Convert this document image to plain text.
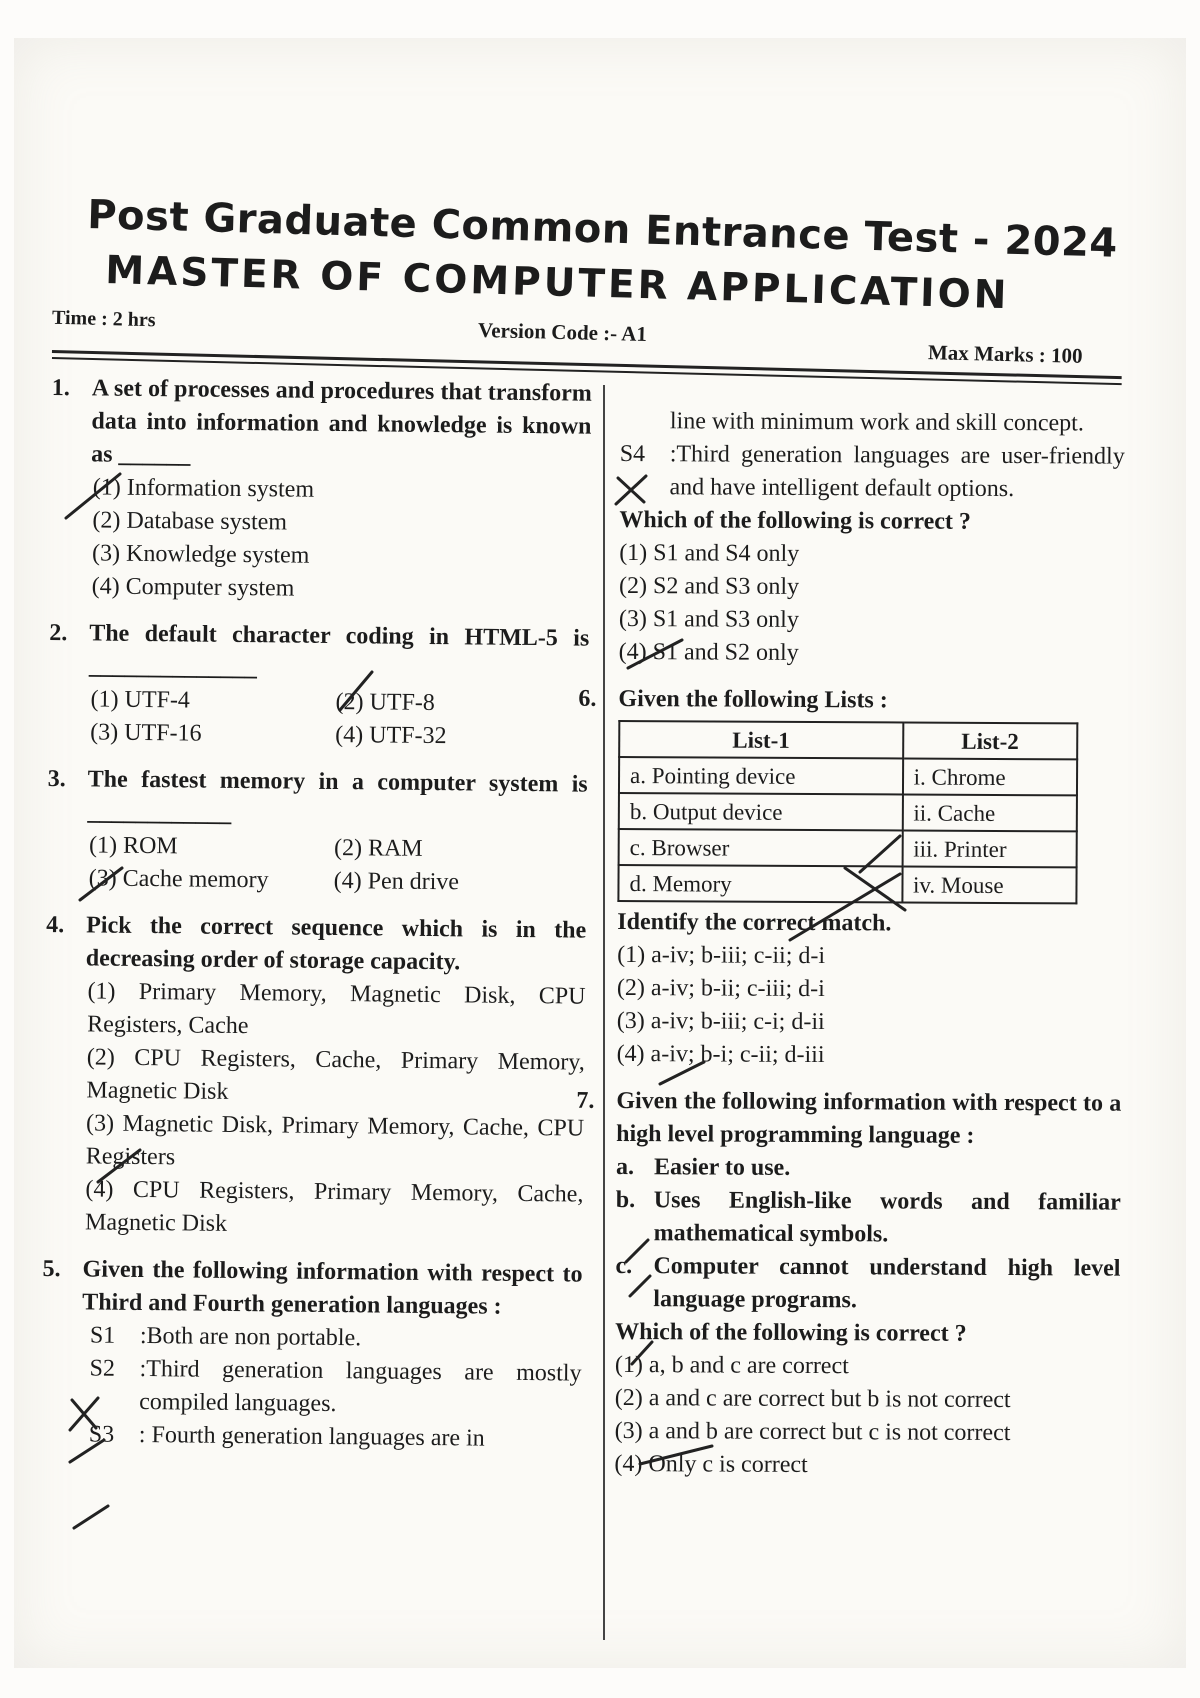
Post Graduate Common Entrance Test - 2024
MASTER OF COMPUTER APPLICATION
Time : 2 hrs	Version Code :- A1
Max Marks : 100
1. A set of processes and procedures that transform data into information and knowledge is known as ______
(1) Information system
(2) Database system
(3) Knowledge system
(4) Computer system
2. The default character coding in HTML-5 is ______________
(1) UTF-4	(2) UTF-8
(3) UTF-16	(4) UTF-32
3. The fastest memory in a computer system is ____________
(1) ROM	(2) RAM
(3) Cache memory	(4) Pen drive
4. Pick the correct sequence which is in the decreasing order of storage capacity.
(1) Primary Memory, Magnetic Disk, CPU Registers, Cache
(2) CPU Registers, Cache, Primary Memory, Magnetic Disk
(3) Magnetic Disk, Primary Memory, Cache, CPU Registers
(4) CPU Registers, Primary Memory, Cache, Magnetic Disk
5. Given the following information with respect to Third and Fourth generation languages :
S1 :Both are non portable.
S2 :Third generation languages are mostly compiled languages.
S3 : Fourth generation languages are in
line with minimum work and skill concept.
S4 :Third generation languages are user-friendly and have intelligent default options.
Which of the following is correct ?
(1) S1 and S4 only
(2) S2 and S3 only
(3) S1 and S3 only
(4) S1 and S2 only
6. Given the following Lists :
List-1	List-2
a. Pointing device	i. Chrome
b. Output device	ii. Cache
c. Browser	iii. Printer
d. Memory	iv. Mouse
Identify the correct match.
(1) a-iv; b-iii; c-ii; d-i
(2) a-iv; b-ii; c-iii; d-i
(3) a-iv; b-iii; c-i; d-ii
(4) a-iv; b-i; c-ii; d-iii
7. Given the following information with respect to a high level programming language :
a. Easier to use.
b. Uses English-like words and familiar mathematical symbols.
c. Computer cannot understand high level language programs.
Which of the following is correct ?
(1) a, b and c are correct
(2) a and c are correct but b is not correct
(3) a and b are correct but c is not correct
(4) Only c is correct
